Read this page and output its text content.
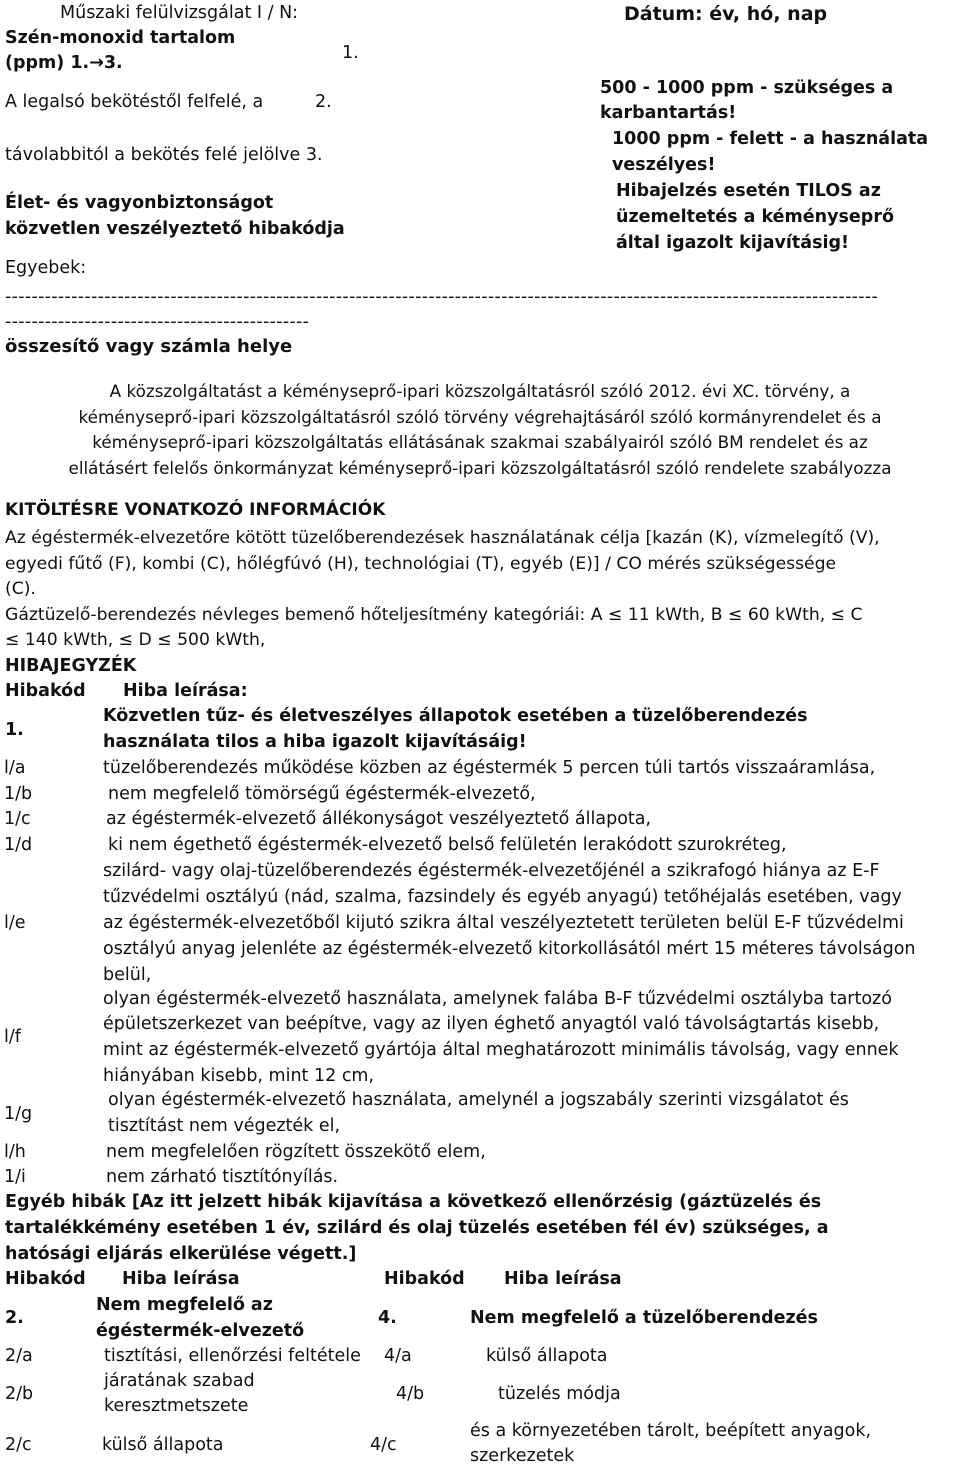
Műszaki felülvizsgálat I / N:
Szén-monoxid tartalom
(ppm) 1.→3.	1.
A legalsó bekötéstől felfelé, a	2.
távolabbitól a bekötés felé jelölve 3.
Élet- és vagyonbiztonságot
közvetlen veszélyeztető hibakódja
Egyebek:
Dátum: év, hó, nap
500 - 1000 ppm - szükséges a
karbantartás!
1000 ppm - felett - a használata
veszélyes!
Hibajelzés esetén TILOS az
üzemeltetés a kéményseprő
által igazolt kijavításig!
------------------------------------------------------------------------------------------------------------------------------------
----------------------------------------------
összesítő vagy számla helye
A közszolgáltatást a kéményseprő-ipari közszolgáltatásról szóló 2012. évi XC. törvény, a
kéményseprő-ipari közszolgáltatásról szóló törvény végrehajtásáról szóló kormányrendelet és a
kéményseprő-ipari közszolgáltatás ellátásának szakmai szabályairól szóló BM rendelet és az
ellátásért felelős önkormányzat kéményseprő-ipari közszolgáltatásról szóló rendelete szabályozza
KITÖLTÉSRE VONATKOZÓ INFORMÁCIÓK
Az égéstermék-elvezetőre kötött tüzelőberendezések használatának célja [kazán (K), vízmelegítő (V),
egyedi fűtő (F), kombi (C), hőlégfúvó (H), technológiai (T), egyéb (E)] / CO mérés szükségessége
(C).
Gáztüzelő-berendezés névleges bemenő hőteljesítmény kategóriái: A ≤ 11 kWth, B ≤ 60 kWth, ≤ C
≤ 140 kWth, ≤ D ≤ 500 kWth,
HIBAJEGYZÉK
Hibakód Hiba leírása:
1.
Közvetlen tűz- és életveszélyes állapotok esetében a tüzelőberendezés
használata tilos a hiba igazolt kijavításáig!
l/a	tüzelőberendezés működése közben az égéstermék 5 percen túli tartós visszaáramlása,
1/b	nem megfelelő tömörségű égéstermék-elvezető,
1/c	az égéstermék-elvezető állékonyságot veszélyeztető állapota,
1/d	ki nem égethető égéstermék-elvezető belső felületén lerakódott szurokréteg,
l/e
szilárd- vagy olaj-tüzelőberendezés égéstermék-elvezetőjénél a szikrafogó hiánya az E-F
tűzvédelmi osztályú (nád, szalma, fazsindely és egyéb anyagú) tetőhéjalás esetében, vagy
az égéstermék-elvezetőből kijutó szikra által veszélyeztetett területen belül E-F tűzvédelmi
osztályú anyag jelenléte az égéstermék-elvezető kitorkollásától mért 15 méteres távolságon
belül,
l/f
olyan égéstermék-elvezető használata, amelynek falába B-F tűzvédelmi osztályba tartozó
épületszerkezet van beépítve, vagy az ilyen éghető anyagtól való távolságtartás kisebb,
mint az égéstermék-elvezető gyártója által meghatározott minimális távolság, vagy ennek
hiányában kisebb, mint 12 cm,
1/g
olyan égéstermék-elvezető használata, amelynél a jogszabály szerinti vizsgálatot és
tisztítást nem végezték el,
l/h	nem megfelelően rögzített összekötő elem,
1/i	nem zárható tisztítónyílás.
Egyéb hibák [Az itt jelzett hibák kijavítása a következő ellenőrzésig (gáztüzelés és
tartalékkémény esetében 1 év, szilárd és olaj tüzelés esetében fél év) szükséges, a
hatósági eljárás elkerülése végett.]
Hibakód Hiba leírása	Hibakód Hiba leírása
2.
Nem megfelelő az
égéstermék-elvezető
4.	Nem megfelelő a tüzelőberendezés
2/a	tisztítási, ellenőrzési feltétele 4/a	külső állapota
2/b
járatának szabad
keresztmetszete
4/b	tüzelés módja
2/c	külső állapota	4/c
és a környezetében tárolt, beépített anyagok,
szerkezetek
